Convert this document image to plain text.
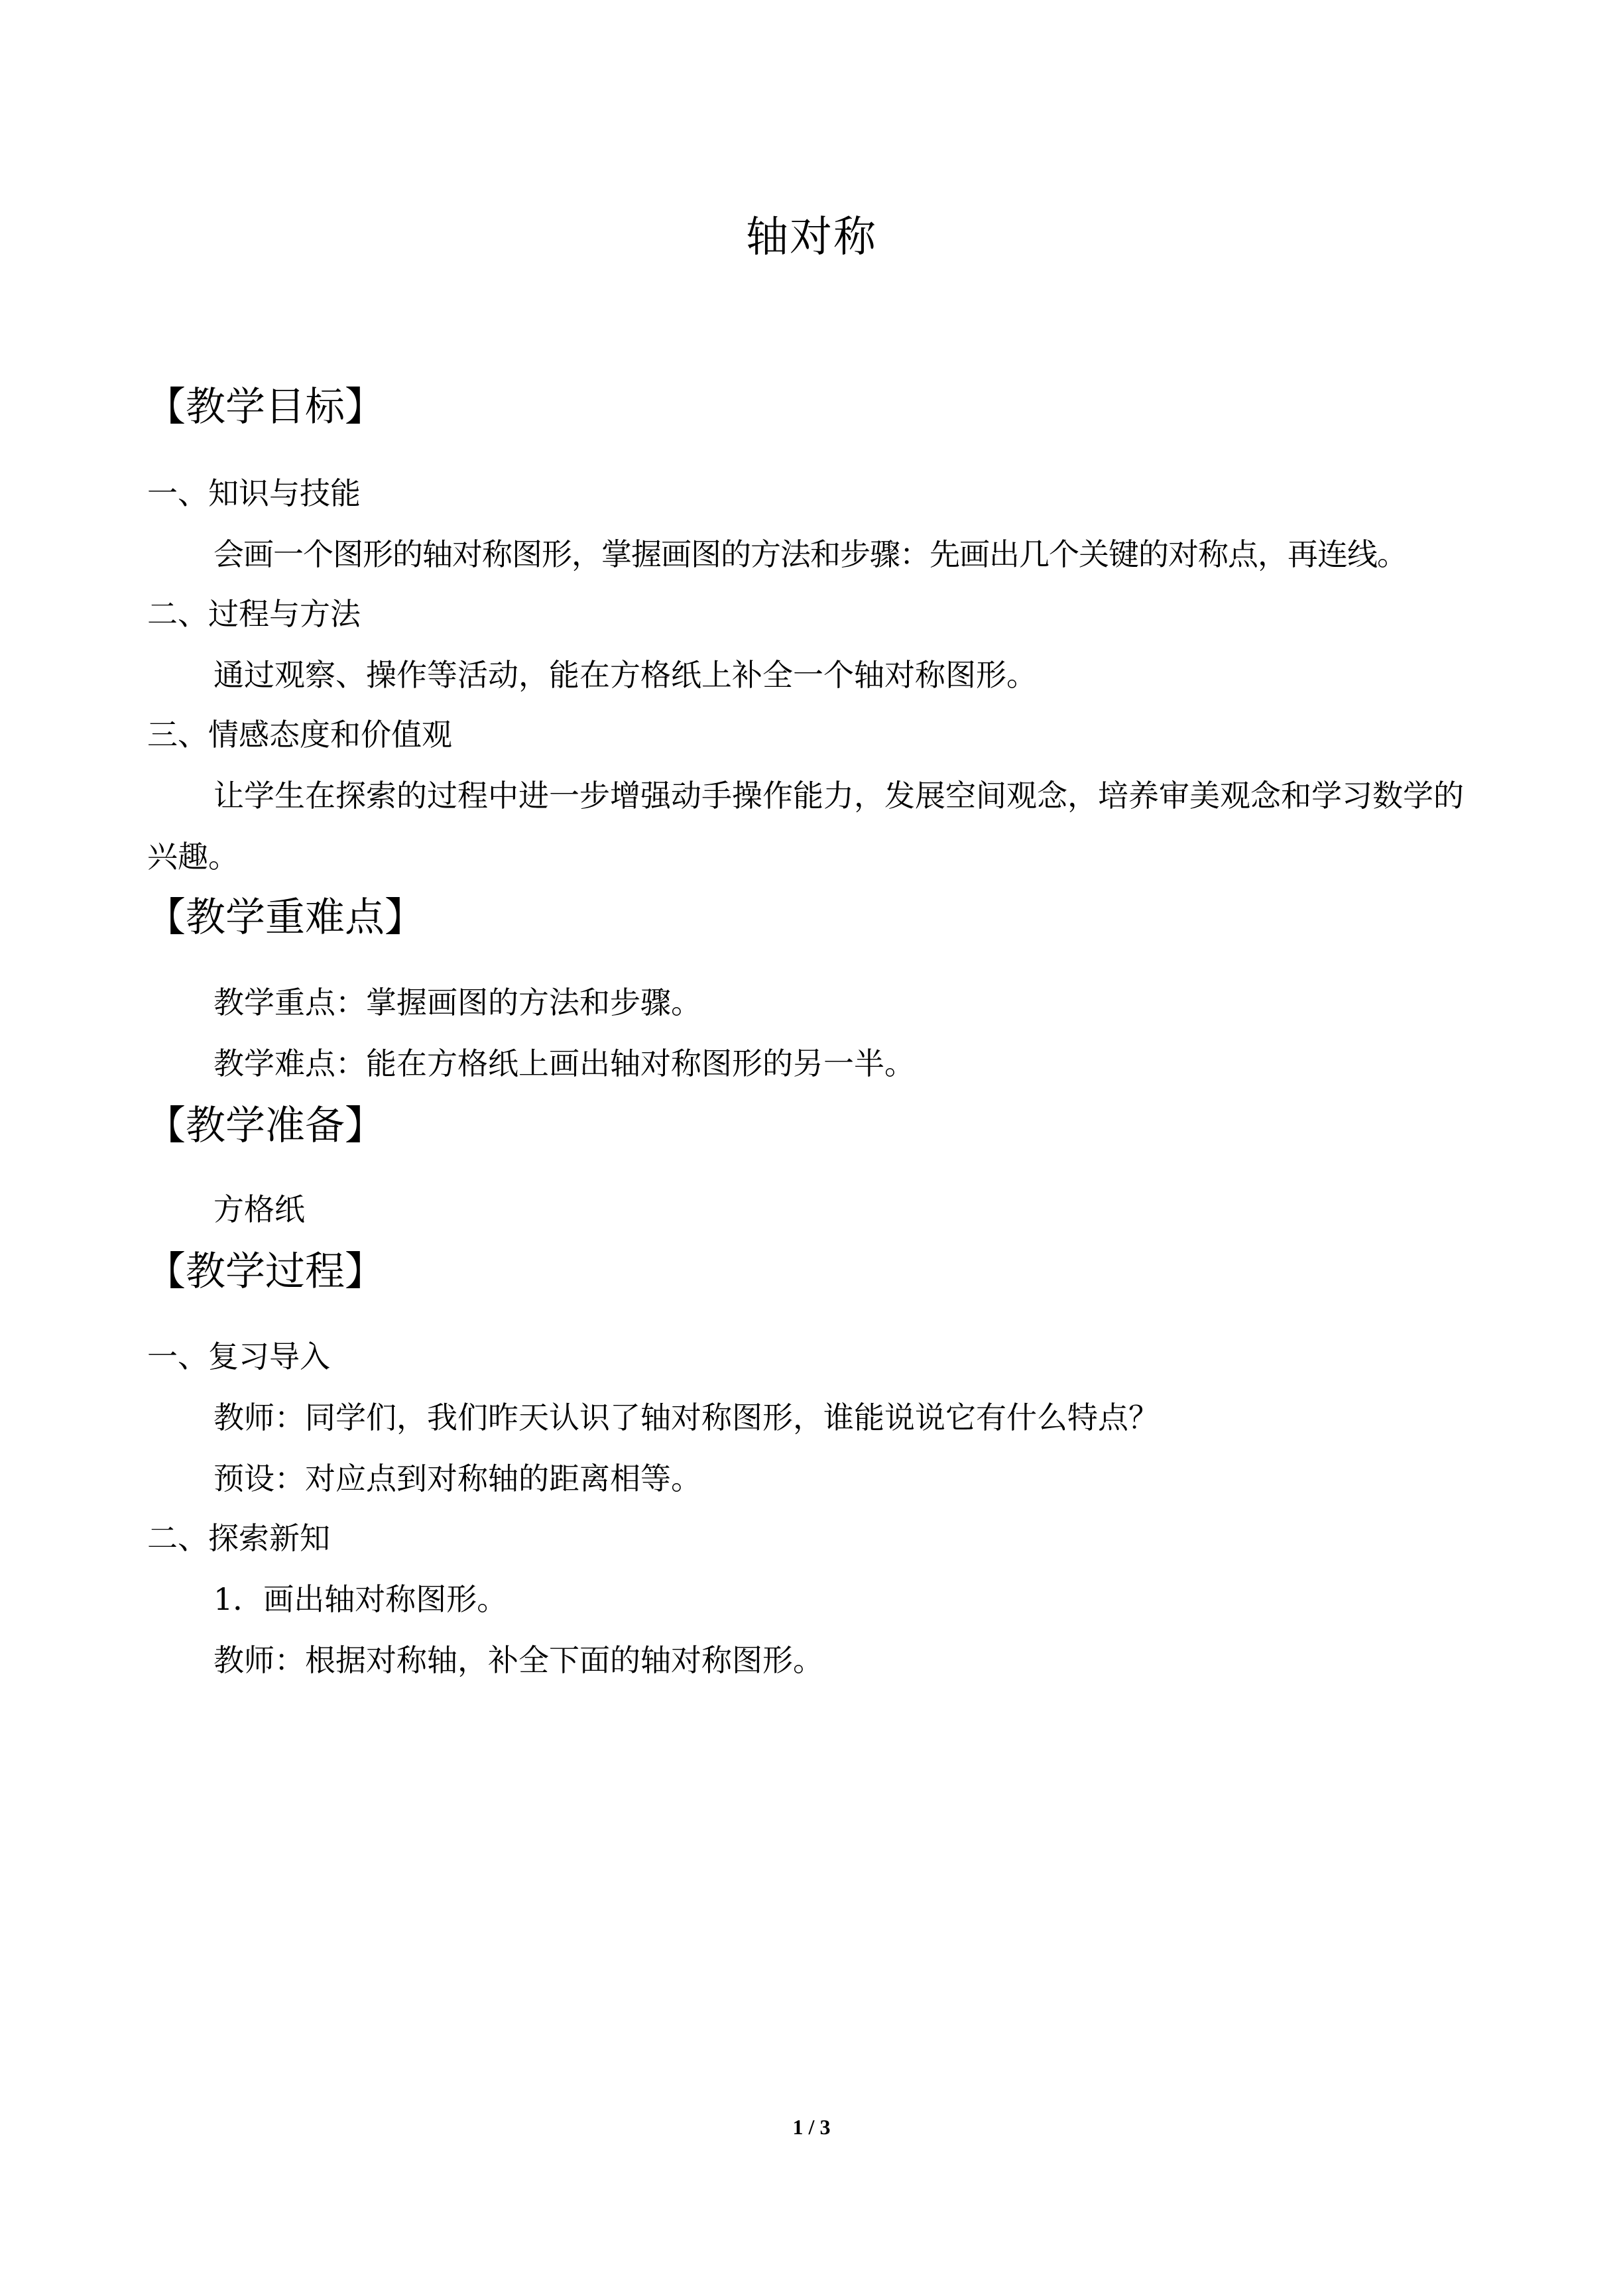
轴对称
【教学目标】
一、知识与技能
会画一个图形的轴对称图形，掌握画图的方法和步骤：先画出几个关键的对称点，再连线。
二、过程与方法
通过观察、操作等活动，能在方格纸上补全一个轴对称图形。
三、情感态度和价值观
让学生在探索的过程中进一步增强动手操作能力，发展空间观念，培养审美观念和学习数学的兴趣。
【教学重难点】
教学重点：掌握画图的方法和步骤。
教学难点：能在方格纸上画出轴对称图形的另一半。
【教学准备】
方格纸
【教学过程】
一、复习导入
教师：同学们，我们昨天认识了轴对称图形，谁能说说它有什么特点？
预设：对应点到对称轴的距离相等。
二、探索新知
1．画出轴对称图形。
教师：根据对称轴，补全下面的轴对称图形。
1 / 3
